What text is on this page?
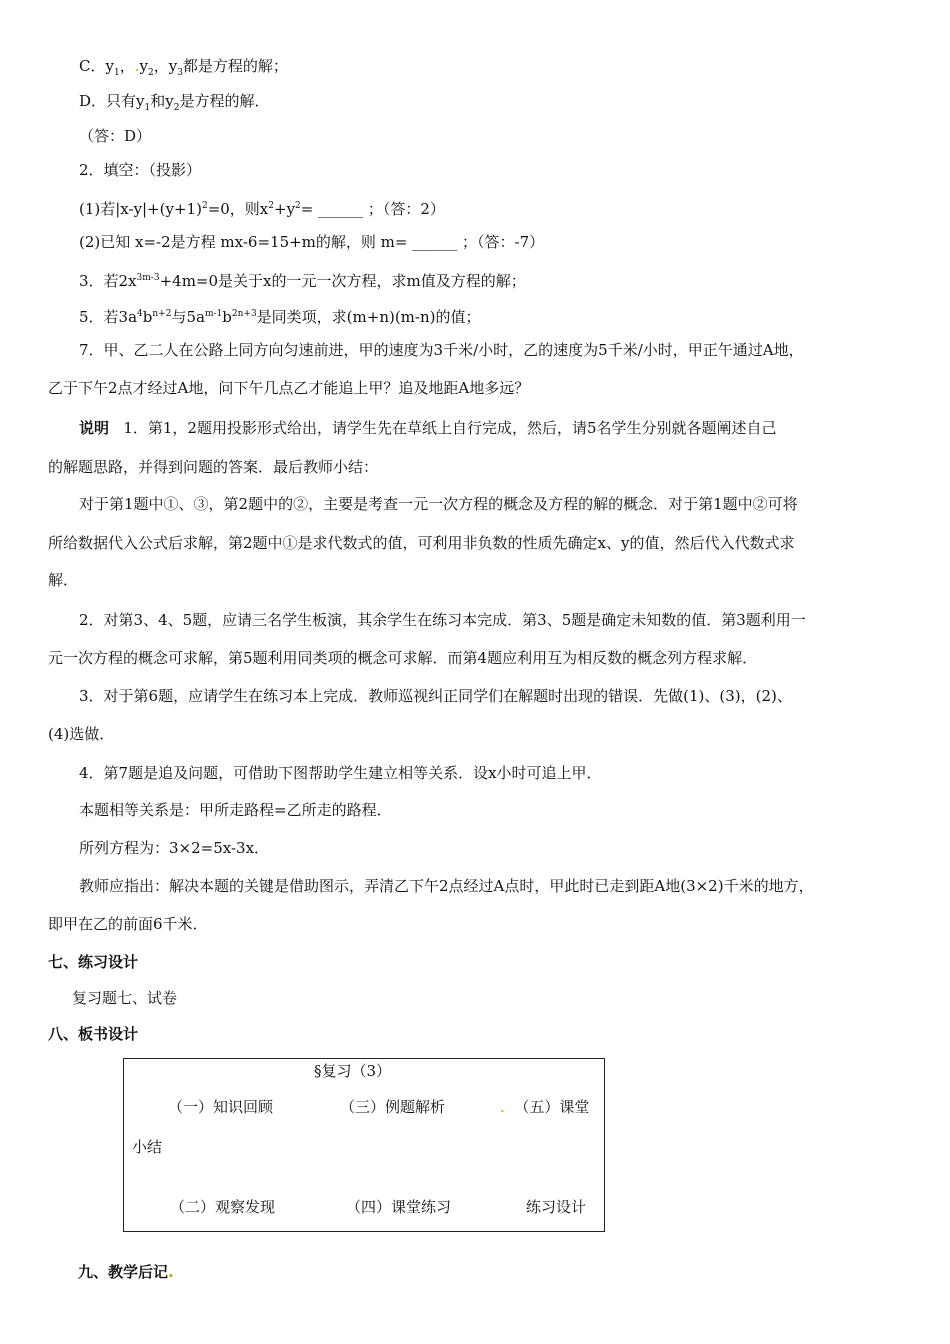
C．$y_1$，$.y_2$，$y_3$都是方程的解；
D．只有$y_1$和$y_2$是方程的解．
（答：D）
2．填空：（投影）
(1)若$|x-y|+(y+1)^2=0$，则$x^2+y^2=$ ______ ；（答：2）
(2)已知 x=-2是方程 mx-6=15+m的解，则 m= ______ ；（答：-7）
3．若$2x^{3m-3}+4m=0$是关于x的一元一次方程，求m值及方程的解；
5．若$3a^4b^{n+2}$与$5a^{m-1}b^{2n+3}$是同类项，求(m+n)(m-n)的值；
7．甲、乙二人在公路上同方向匀速前进，甲的速度为3千米/小时，乙的速度为5千米/小时，甲正午通过A地，
乙于下午2点才经过A地，问下午几点乙才能追上甲？追及地距A地多远？
说明 1．第1，2题用投影形式给出，请学生先在草纸上自行完成，然后，请5名学生分别就各题阐述自己
的解题思路，并得到问题的答案．最后教师小结：
对于第1题中①、③，第2题中的②，主要是考查一元一次方程的概念及方程的解的概念．对于第1题中②可将
所给数据代入公式后求解，第2题中①是求代数式的值，可利用非负数的性质先确定x、y的值，然后代入代数式求
解．
2．对第3、4、5题，应请三名学生板演，其余学生在练习本完成．第3、5题是确定未知数的值．第3题利用一
元一次方程的概念可求解，第5题利用同类项的概念可求解．而第4题应利用互为相反数的概念列方程求解．
3．对于第6题，应请学生在练习本上完成．教师巡视纠正同学们在解题时出现的错误．先做(1)、(3)，(2)、
(4)选做．
4．第7题是追及问题，可借助下图帮助学生建立相等关系．设x小时可追上甲．
本题相等关系是：甲所走路程=乙所走的路程．
所列方程为：3×2=5x-3x．
教师应指出：解决本题的关键是借助图示，弄清乙下午2点经过A点时，甲此时已走到距A地(3×2)千米的地方，
即甲在乙的前面6千米．
七、练习设计
复习题七、试卷
八、板书设计
§复习（3）
（一）知识回顾	（三）例题解析	. （五）课堂
小结
（二）观察发现	（四）课堂练习	练习设计
九、教学后记.
